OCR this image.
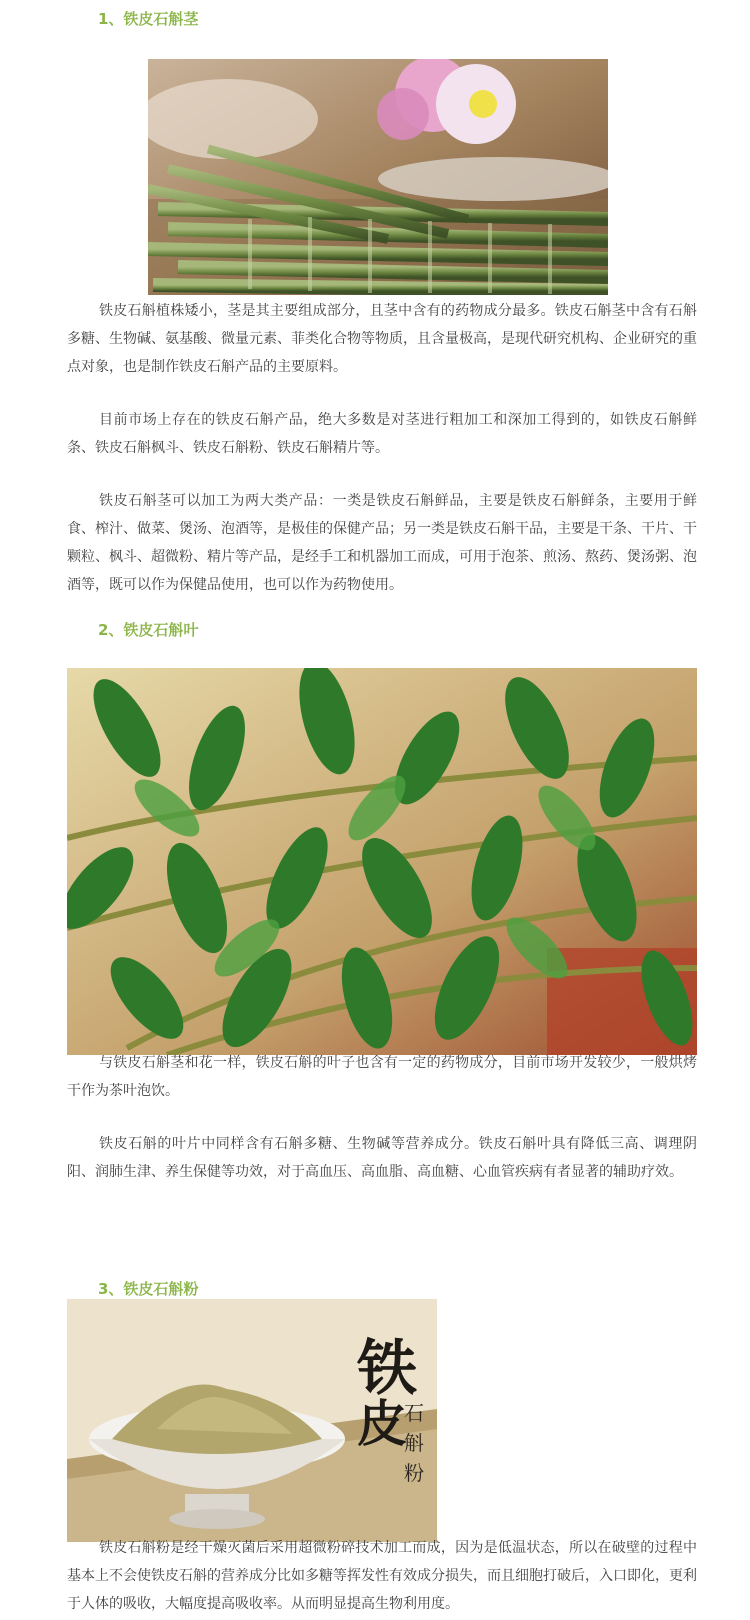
1、铁皮石斛茎

铁皮石斛植株矮小，茎是其主要组成部分，且茎中含有的药物成分最多。铁皮石斛茎中含有石斛多糖、生物碱、氨基酸、微量元素、菲类化合物等物质，且含量极高，是现代研究机构、企业研究的重点对象，也是制作铁皮石斛产品的主要原料。

目前市场上存在的铁皮石斛产品，绝大多数是对茎进行粗加工和深加工得到的，如铁皮石斛鲜条、铁皮石斛枫斗、铁皮石斛粉、铁皮石斛精片等。

铁皮石斛茎可以加工为两大类产品：一类是铁皮石斛鲜品，主要是铁皮石斛鲜条，主要用于鲜食、榨汁、做菜、煲汤、泡酒等，是极佳的保健产品；另一类是铁皮石斛干品，主要是干条、干片、干颗粒、枫斗、超微粉、精片等产品，是经手工和机器加工而成，可用于泡茶、煎汤、熬药、煲汤粥、泡酒等，既可以作为保健品使用，也可以作为药物使用。

2、铁皮石斛叶

与铁皮石斛茎和花一样，铁皮石斛的叶子也含有一定的药物成分，目前市场开发较少，一般烘烤干作为茶叶泡饮。

铁皮石斛的叶片中同样含有石斛多糖、生物碱等营养成分。铁皮石斛叶具有降低三高、调理阴阳、润肺生津、养生保健等功效，对于高血压、高血脂、高血糖、心血管疾病有者显著的辅助疗效。

3、铁皮石斛粉
铁
皮
石
斛
粉

铁皮石斛粉是经干燥灭菌后采用超微粉碎技术加工而成，因为是低温状态，所以在破壁的过程中基本上不会使铁皮石斛的营养成分比如多糖等挥发性有效成分损失，而且细胞打破后，入口即化，更利于人体的吸收，大幅度提高吸收率。从而明显提高生物利用度。
